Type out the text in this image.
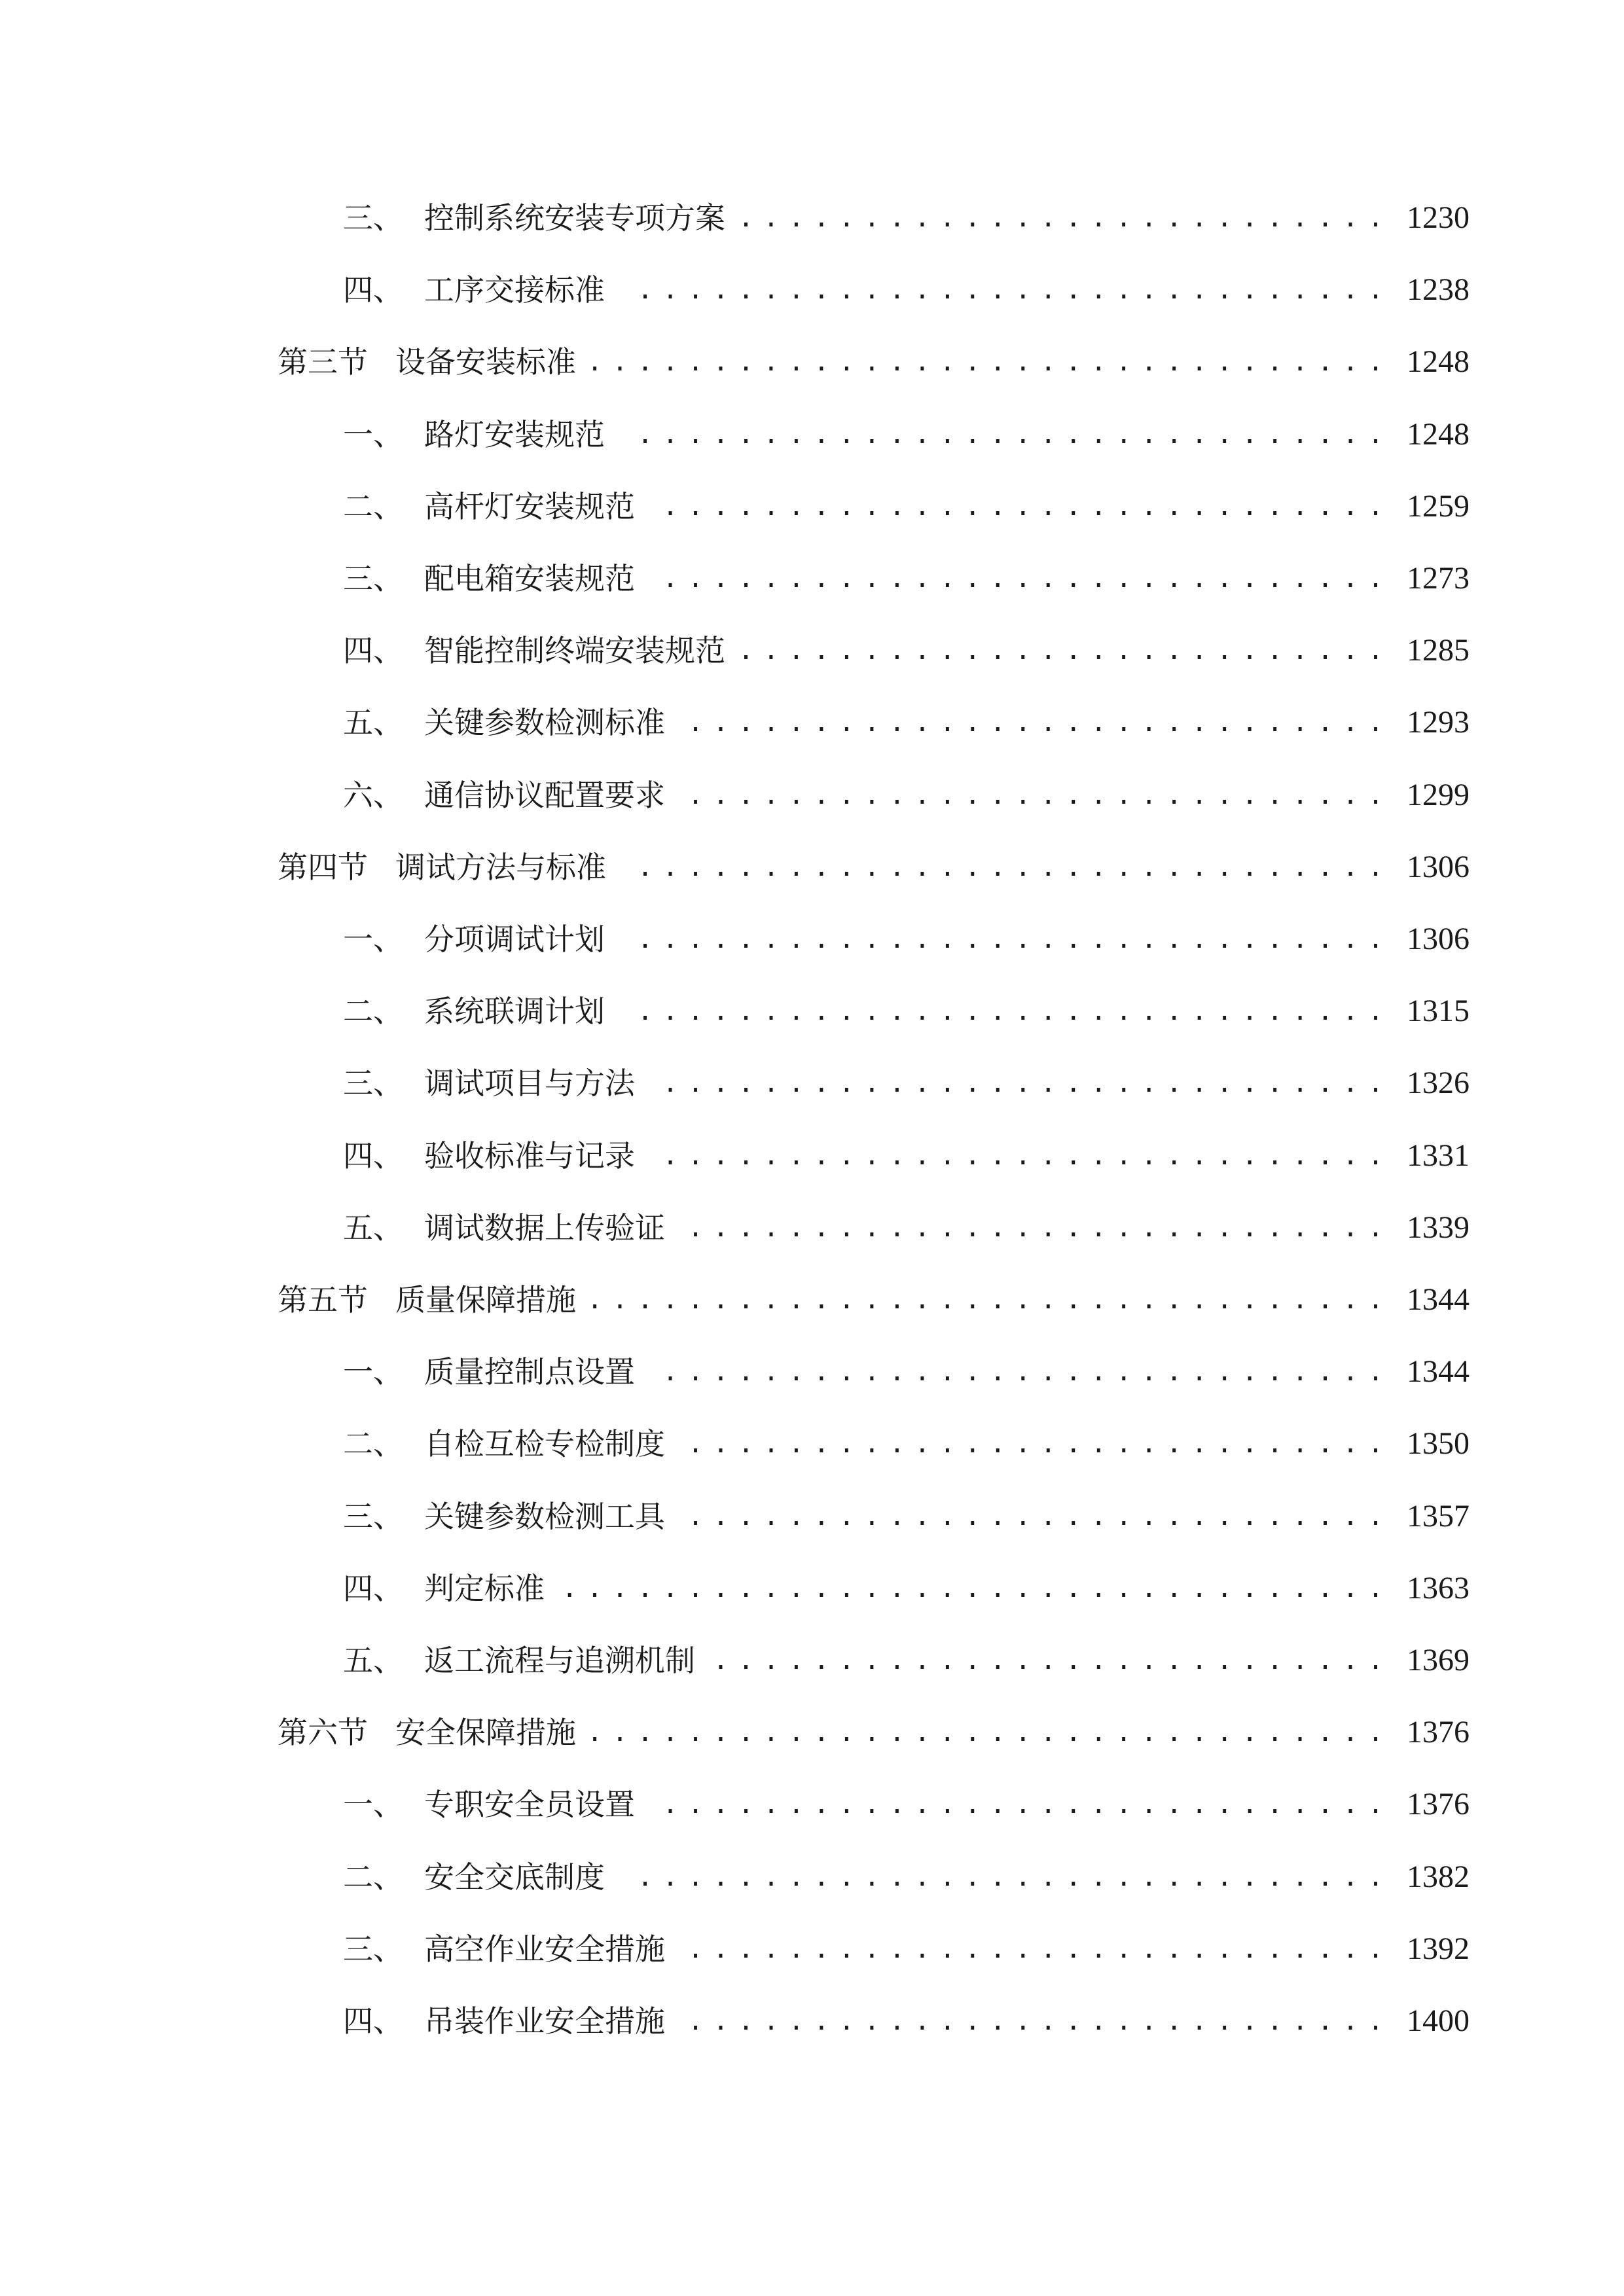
三、 控制系统安装专项方案 .......................... 1230
四、 工序交接标准	.............................. 1238
第三节 设备安装标准 ................................ 1248
一、 路灯安装规范	.............................. 1248
二、 高杆灯安装规范	............................. 1259
三、 配电箱安装规范	............................. 1273
四、 智能控制终端安装规范 .......................... 1285
五、 关键参数检测标准 ............................ 1293
六、 通信协议配置要求 ............................ 1299
第四节 调试方法与标准	.............................. 1306
一、 分项调试计划	.............................. 1306
二、 系统联调计划	.............................. 1315
三、 调试项目与方法	............................. 1326
四、 验收标准与记录	............................. 1331
五、 调试数据上传验证 ............................ 1339
第五节 质量保障措施 ................................ 1344
一、 质量控制点设置	............................. 1344
二、 自检互检专检制度 ............................ 1350
三、 关键参数检测工具 ............................ 1357
四、 判定标准 ................................. 1363
五、 返工流程与追溯机制 ........................... 1369
第六节 安全保障措施 ................................ 1376
一、 专职安全员设置	............................. 1376
二、 安全交底制度	.............................. 1382
三、 高空作业安全措施 ............................ 1392
四、 吊装作业安全措施 ............................ 1400
